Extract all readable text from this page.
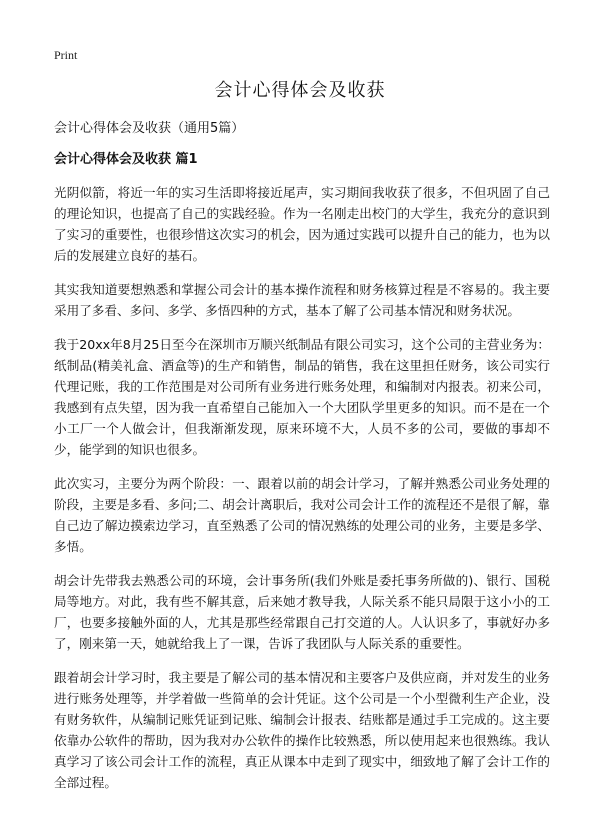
Print
会计心得体会及收获
会计心得体会及收获（通用5篇）
会计心得体会及收获 篇1

光阴似箭，将近一年的实习生活即将接近尾声，实习期间我收获了很多，不但巩固了自己的理论知识，也提高了自己的实践经验。作为一名刚走出校门的大学生，我充分的意识到了实习的重要性，也很珍惜这次实习的机会，因为通过实践可以提升自己的能力，也为以后的发展建立良好的基石。

其实我知道要想熟悉和掌握公司会计的基本操作流程和财务核算过程是不容易的。我主要采用了多看、多问、多学、多悟四种的方式，基本了解了公司基本情况和财务状况。

我于20xx年8月25日至今在深圳市万顺兴纸制品有限公司实习，这个公司的主营业务为：纸制品(精美礼盒、酒盒等)的生产和销售，制品的销售，我在这里担任财务，该公司实行代理记账，我的工作范围是对公司所有业务进行账务处理，和编制对内报表。初来公司，我感到有点失望，因为我一直希望自己能加入一个大团队学里更多的知识。而不是在一个小工厂一个人做会计，但我渐渐发现，原来环境不大，人员不多的公司，要做的事却不少，能学到的知识也很多。

此次实习，主要分为两个阶段：一、跟着以前的胡会计学习，了解并熟悉公司业务处理的阶段，主要是多看、多问;二、胡会计离职后，我对公司会计工作的流程还不是很了解，靠自己边了解边摸索边学习，直至熟悉了公司的情况熟练的处理公司的业务，主要是多学、多悟。

胡会计先带我去熟悉公司的环境，会计事务所(我们外账是委托事务所做的)、银行、国税局等地方。对此，我有些不解其意，后来她才教导我，人际关系不能只局限于这小小的工厂，也要多接触外面的人，尤其是那些经常跟自己打交道的人。人认识多了，事就好办多了，刚来第一天，她就给我上了一课，告诉了我团队与人际关系的重要性。

跟着胡会计学习时，我主要是了解公司的基本情况和主要客户及供应商，并对发生的业务进行账务处理等，并学着做一些简单的会计凭证。这个公司是一个小型微利生产企业，没有财务软件，从编制记账凭证到记账、编制会计报表、结账都是通过手工完成的。这主要依靠办公软件的帮助，因为我对办公软件的操作比较熟悉，所以使用起来也很熟练。我认真学习了该公司会计工作的流程，真正从课本中走到了现实中，细致地了解了会计工作的全部过程。
